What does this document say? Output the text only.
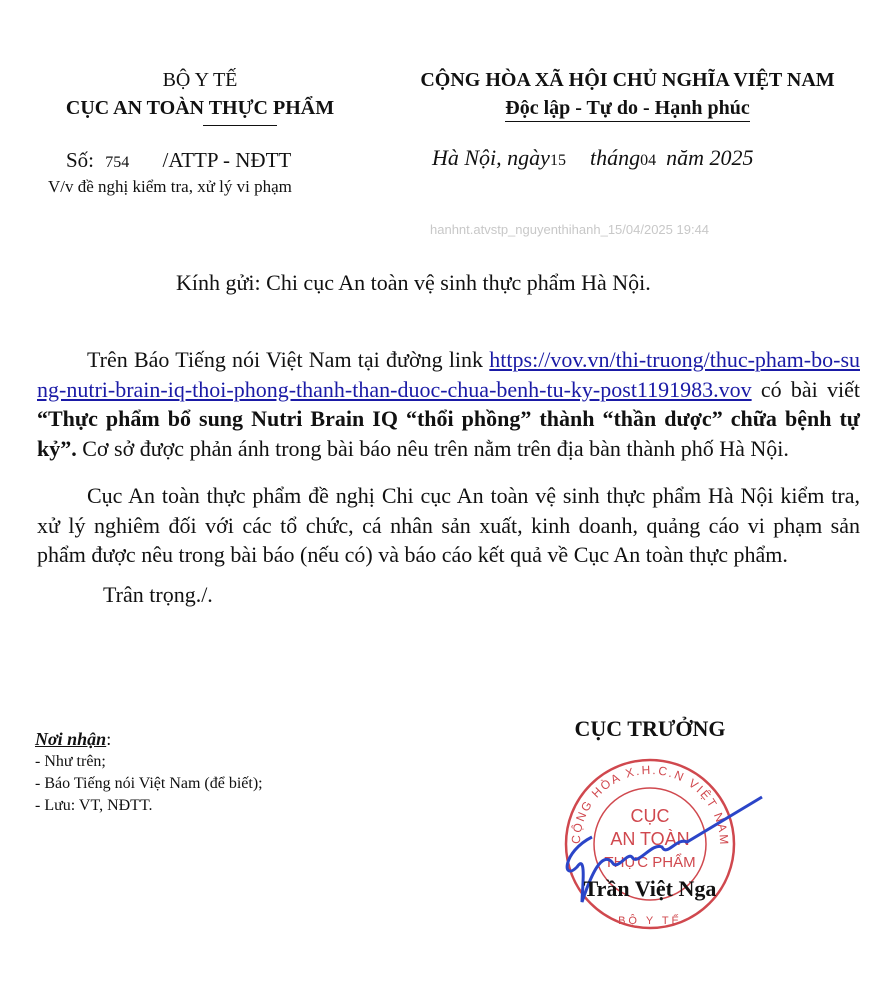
hanhnt.atvstp_nguyenthihanh_15/04/2025 19:44
BỘ Y TẾ
CỤC AN TOÀN THỰC PHẨM
CỘNG HÒA XÃ HỘI CHỦ NGHĨA VIỆT NAM
Độc lập - Tự do - Hạnh phúc
Số: 754 /ATTP - NĐTT
V/v đề nghị kiểm tra, xử lý vi phạm
Hà Nội, ngày15 tháng04 năm 2025
Kính gửi: Chi cục An toàn vệ sinh thực phẩm Hà Nội.
Trên Báo Tiếng nói Việt Nam tại đường link https://vov.vn/thi-truong/thuc-pham-bo-sung-nutri-brain-iq-thoi-phong-thanh-than-duoc-chua-benh-tu-ky-post1191983.vov có bài viết “Thực phẩm bổ sung Nutri Brain IQ “thổi phồng” thành “thần dược” chữa bệnh tự kỷ”. Cơ sở được phản ánh trong bài báo nêu trên nằm trên địa bàn thành phố Hà Nội.
Cục An toàn thực phẩm đề nghị Chi cục An toàn vệ sinh thực phẩm Hà Nội kiểm tra, xử lý nghiêm đối với các tổ chức, cá nhân sản xuất, kinh doanh, quảng cáo vi phạm sản phẩm được nêu trong bài báo (nếu có) và báo cáo kết quả về Cục An toàn thực phẩm.
Trân trọng./.
Nơi nhận:
- Như trên;
- Báo Tiếng nói Việt Nam (để biết);
- Lưu: VT, NĐTT.
CỘNG HÒA X.H.C.N VIỆT NAM
CỤC
AN TOÀN
THỰC PHẨM
BỘ Y TẾ
CỤC TRƯỞNG
Trần Việt Nga
